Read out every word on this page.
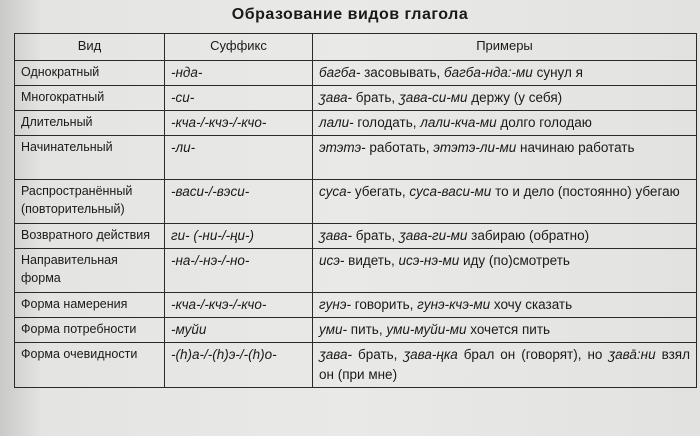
Образование видов глагола
Вид	Суффикс	Примеры
Однократный	-нда-	багба- засовывать, багба-нда:-ми сунул я
Многократный	-си-	ʒава- брать, ʒава-си-ми держу (у себя)
Длительный	-кча-/-кчэ-/-кчо-	лали- голодать, лали-кча-ми долго голодаю
Начинательный	-ли-	этэтэ- работать, этэтэ-ли-ми начинаю работать
Распространённый (повторительный)	-васи-/-вэси-	суса- убегать, суса-васи-ми то и дело (постоянно) убегаю
Возвратного действия	ги- (-ни-/-ңи-)	ʒава- брать, ʒава-ги-ми забираю (обратно)
Направительная форма	-на-/-нэ-/-но-	исэ- видеть, исэ-нэ-ми иду (по)смотреть
Форма намерения	-кча-/-кчэ-/-кчо-	гунэ- говорить, гунэ-кчэ-ми хочу сказать
Форма потребности	-муйи	уми- пить, уми-муйи-ми хочется пить
Форма очевидности	-(h)а-/-(h)э-/-(h)о-	ʒава- брать, ʒава-ңка брал он (говорят), но ʒава̄:ни взял он (при мне)
